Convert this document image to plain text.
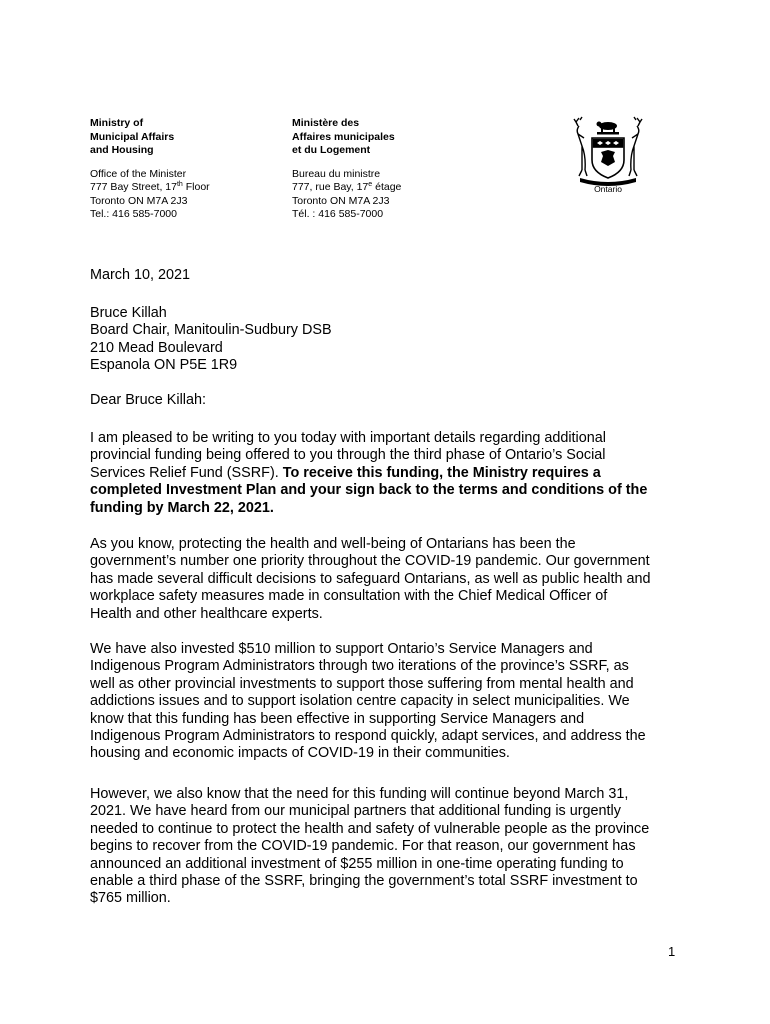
Ministry of
Municipal Affairs
and Housing
Office of the Minister
777 Bay Street, 17th Floor
Toronto ON M7A 2J3
Tel.: 416 585-7000
Ministère des
Affaires municipales
et du Logement
Bureau du ministre
777, rue Bay, 17e étage
Toronto ON M7A 2J3
Tél. : 416 585-7000
Ontario
March 10, 2021
Bruce Killah
Board Chair, Manitoulin-Sudbury DSB
210 Mead Boulevard
Espanola ON P5E 1R9
Dear Bruce Killah:
I am pleased to be writing to you today with important details regarding additional
provincial funding being offered to you through the third phase of Ontario’s Social
Services Relief Fund (SSRF). To receive this funding, the Ministry requires a
completed Investment Plan and your sign back to the terms and conditions of the
funding by March 22, 2021.
As you know, protecting the health and well-being of Ontarians has been the
government’s number one priority throughout the COVID-19 pandemic. Our government
has made several difficult decisions to safeguard Ontarians, as well as public health and
workplace safety measures made in consultation with the Chief Medical Officer of
Health and other healthcare experts.
We have also invested $510 million to support Ontario’s Service Managers and
Indigenous Program Administrators through two iterations of the province’s SSRF, as
well as other provincial investments to support those suffering from mental health and
addictions issues and to support isolation centre capacity in select municipalities. We
know that this funding has been effective in supporting Service Managers and
Indigenous Program Administrators to respond quickly, adapt services, and address the
housing and economic impacts of COVID-19 in their communities.
However, we also know that the need for this funding will continue beyond March 31,
2021. We have heard from our municipal partners that additional funding is urgently
needed to continue to protect the health and safety of vulnerable people as the province
begins to recover from the COVID-19 pandemic. For that reason, our government has
announced an additional investment of $255 million in one-time operating funding to
enable a third phase of the SSRF, bringing the government’s total SSRF investment to
$765 million.
1
